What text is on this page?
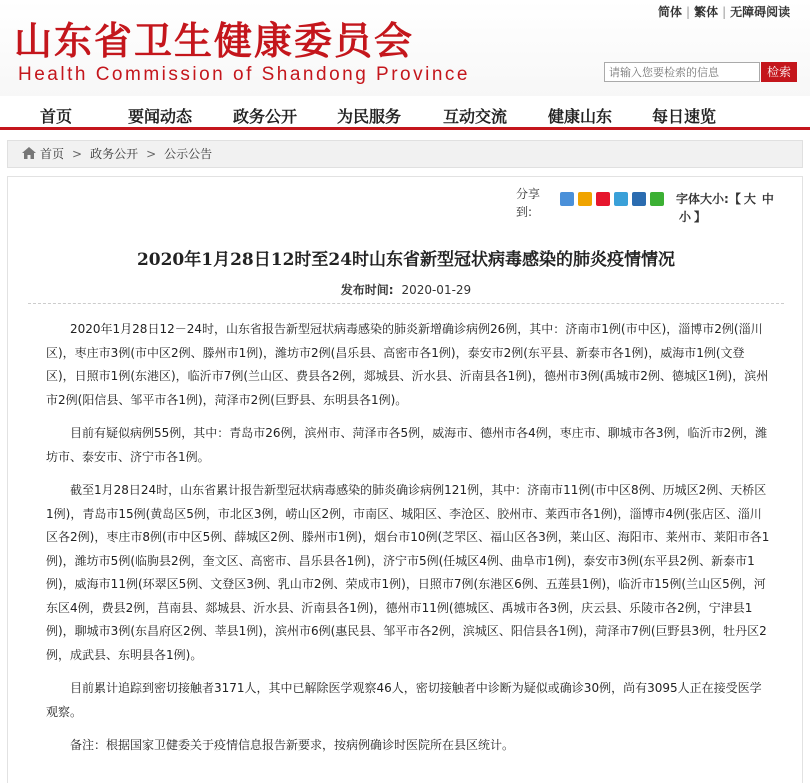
山东省卫生健康委员会
Health Commission of Shandong Province
简体 | 繁体 | 无障碍阅读
请输入您要检索的信息
检索
首页	要闻动态	政务公开 为民服务	互动交流	健康山东 每日速览
首页 > 政务公开 > 公示公告
分享到:
字体大小:【 大 中小 】
2020年1月28日12时至24时山东省新型冠状病毒感染的肺炎疫情情况
发布时间: 2020-01-29

2020年1月28日12－24时，山东省报告新型冠状病毒感染的肺炎新增确诊病例26例，其中：济南市1例(市中区)，淄博市2例(淄川区)，枣庄市3例(市中区2例、滕州市1例)，潍坊市2例(昌乐县、高密市各1例)，泰安市2例(东平县、新泰市各1例)，威海市1例(文登区)，日照市1例(东港区)，临沂市7例(兰山区、费县各2例，郯城县、沂水县、沂南县各1例)，德州市3例(禹城市2例、德城区1例)，滨州市2例(阳信县、邹平市各1例)，菏泽市2例(巨野县、东明县各1例)。

目前有疑似病例55例，其中：青岛市26例，滨州市、菏泽市各5例，威海市、德州市各4例，枣庄市、聊城市各3例，临沂市2例，潍坊市、泰安市、济宁市各1例。

截至1月28日24时，山东省累计报告新型冠状病毒感染的肺炎确诊病例121例，其中：济南市11例(市中区8例、历城区2例、天桥区1例)，青岛市15例(黄岛区5例，市北区3例，崂山区2例，市南区、城阳区、李沧区、胶州市、莱西市各1例)，淄博市4例(张店区、淄川区各2例)，枣庄市8例(市中区5例、薛城区2例、滕州市1例)，烟台市10例(芝罘区、福山区各3例，莱山区、海阳市、莱州市、莱阳市各1例)，潍坊市5例(临朐县2例，奎文区、高密市、昌乐县各1例)，济宁市5例(任城区4例、曲阜市1例)，泰安市3例(东平县2例、新泰市1例)，威海市11例(环翠区5例、文登区3例、乳山市2例、荣成市1例)，日照市7例(东港区6例、五莲县1例)，临沂市15例(兰山区5例，河东区4例，费县2例，莒南县、郯城县、沂水县、沂南县各1例)，德州市11例(德城区、禹城市各3例，庆云县、乐陵市各2例，宁津县1例)，聊城市3例(东昌府区2例、莘县1例)，滨州市6例(惠民县、邹平市各2例，滨城区、阳信县各1例)，菏泽市7例(巨野县3例，牡丹区2例，成武县、东明县各1例)。

目前累计追踪到密切接触者3171人，其中已解除医学观察46人，密切接触者中诊断为疑似或确诊30例，尚有3095人正在接受医学观察。

备注：根据国家卫健委关于疫情信息报告新要求，按病例确诊时医院所在县区统计。
